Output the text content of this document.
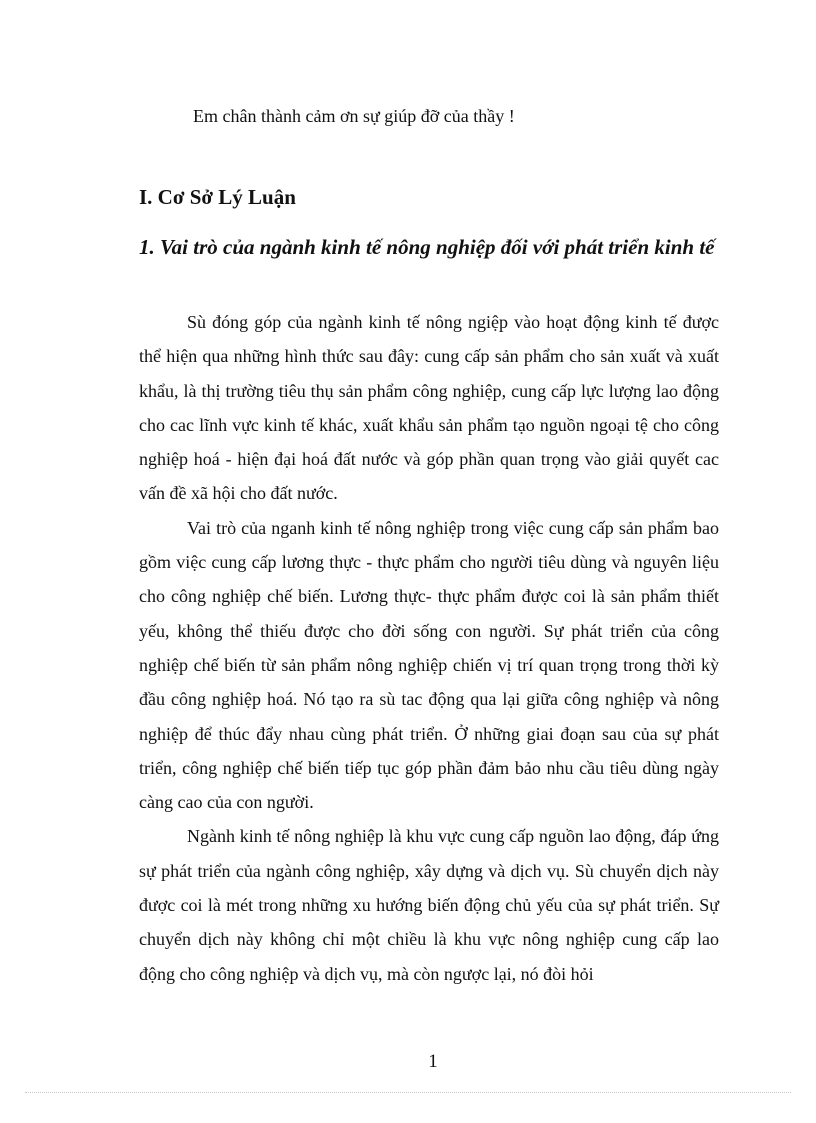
Em chân thành cảm ơn sự giúp đỡ của thầy !
I. Cơ Sở Lý Luận
1. Vai trò của ngành kinh tế nông nghiệp đối với phát triển kinh tế

Sù đóng góp của ngành kinh tế nông ngiệp vào hoạt động kinh tế được thể hiện qua những hình thức sau đây: cung cấp sản phẩm cho sản xuất và xuất khẩu, là thị trường tiêu thụ sản phẩm công nghiệp, cung cấp lực lượng lao động cho cac lĩnh vực kinh tế khác, xuất khẩu sản phẩm tạo nguồn ngoại tệ cho công nghiệp hoá - hiện đại hoá đất nước và góp phần quan trọng vào giải quyết cac vấn đề xã hội cho đất nước.

Vai trò của nganh kinh tế nông nghiệp trong việc cung cấp sản phẩm bao gồm việc cung cấp lương thực - thực phẩm cho người tiêu dùng và nguyên liệu cho công nghiệp chế biến. Lương thực- thực phẩm được coi là sản phẩm thiết yếu, không thể thiếu được cho đời sống con người. Sự phát triển của công nghiệp chế biến từ sản phẩm nông nghiệp chiến vị trí quan trọng trong thời kỳ đầu công nghiệp hoá. Nó tạo ra sù tac động qua lại giữa công nghiệp và nông nghiệp để thúc đẩy nhau cùng phát triển. Ở những giai đoạn sau của sự phát triển, công nghiệp chế biến tiếp tục góp phần đảm bảo nhu cầu tiêu dùng ngày càng cao của con người.

Ngành kinh tế nông nghiệp là khu vực cung cấp nguồn lao động, đáp ứng sự phát triển của ngành công nghiệp, xây dựng và dịch vụ. Sù chuyển dịch này được coi là mét trong những xu hướng biến động chủ yếu của sự phát triển. Sự chuyển dịch này không chỉ một chiều là khu vực nông nghiệp cung cấp lao động cho công nghiệp và dịch vụ, mà còn ngược lại, nó đòi hỏi

1
